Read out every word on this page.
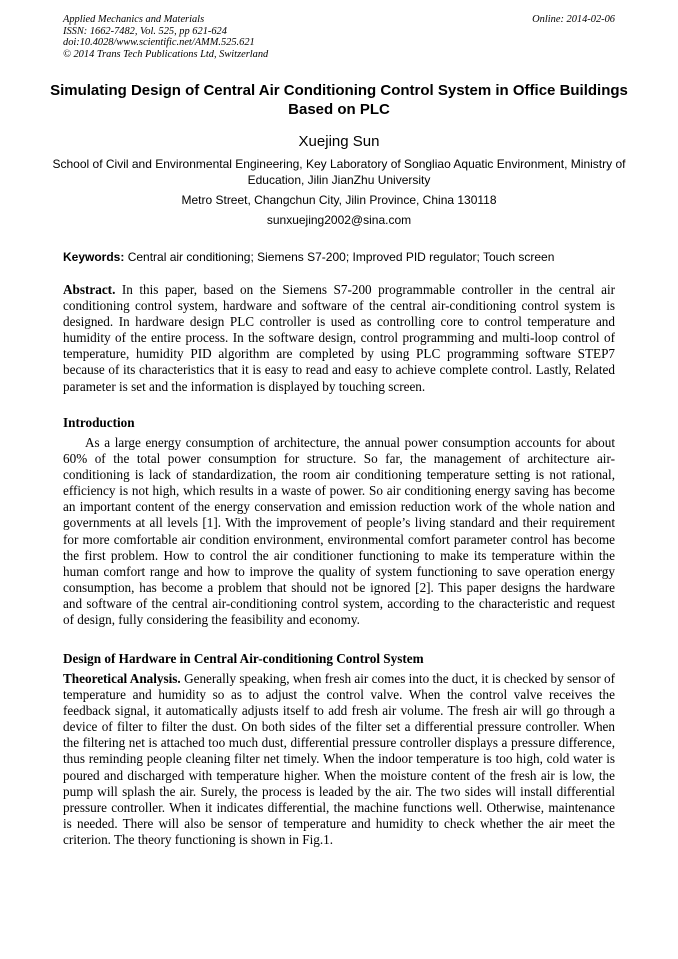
Applied Mechanics and Materials
ISSN: 1662-7482, Vol. 525, pp 621-624
doi:10.4028/www.scientific.net/AMM.525.621
© 2014 Trans Tech Publications Ltd, Switzerland
Online: 2014-02-06
Simulating Design of Central Air Conditioning Control System in Office Buildings Based on PLC
Xuejing Sun
School of Civil and Environmental Engineering, Key Laboratory of Songliao Aquatic Environment, Ministry of Education, Jilin JianZhu University
Metro Street, Changchun City, Jilin Province, China 130118
sunxuejing2002@sina.com
Keywords: Central air conditioning; Siemens S7-200; Improved PID regulator; Touch screen

Abstract. In this paper, based on the Siemens S7-200 programmable controller in the central air conditioning control system, hardware and software of the central air-conditioning control system is designed. In hardware design PLC controller is used as controlling core to control temperature and humidity of the entire process. In the software design, control programming and multi-loop control of temperature, humidity PID algorithm are completed by using PLC programming software STEP7 because of its characteristics that it is easy to read and easy to achieve complete control. Lastly, Related parameter is set and the information is displayed by touching screen.

Introduction

As a large energy consumption of architecture, the annual power consumption accounts for about 60% of the total power consumption for structure. So far, the management of architecture air-conditioning is lack of standardization, the room air conditioning temperature setting is not rational, efficiency is not high, which results in a waste of power. So air conditioning energy saving has become an important content of the energy conservation and emission reduction work of the whole nation and governments at all levels [1]. With the improvement of people’s living standard and their requirement for more comfortable air condition environment, environmental comfort parameter control has become the first problem. How to control the air conditioner functioning to make its temperature within the human comfort range and how to improve the quality of system functioning to save operation energy consumption, has become a problem that should not be ignored [2]. This paper designs the hardware and software of the central air-conditioning control system, according to the characteristic and request of design, fully considering the feasibility and economy.

Design of Hardware in Central Air-conditioning Control System

Theoretical Analysis. Generally speaking, when fresh air comes into the duct, it is checked by sensor of temperature and humidity so as to adjust the control valve. When the control valve receives the feedback signal, it automatically adjusts itself to add fresh air volume. The fresh air will go through a device of filter to filter the dust. On both sides of the filter set a differential pressure controller. When the filtering net is attached too much dust, differential pressure controller displays a pressure difference, thus reminding people cleaning filter net timely. When the indoor temperature is too high, cold water is poured and discharged with temperature higher. When the moisture content of the fresh air is low, the pump will splash the air. Surely, the process is leaded by the air. The two sides will install differential pressure controller. When it indicates differential, the machine functions well. Otherwise, maintenance is needed. There will also be sensor of temperature and humidity to check whether the air meet the criterion. The theory functioning is shown in Fig.1.
